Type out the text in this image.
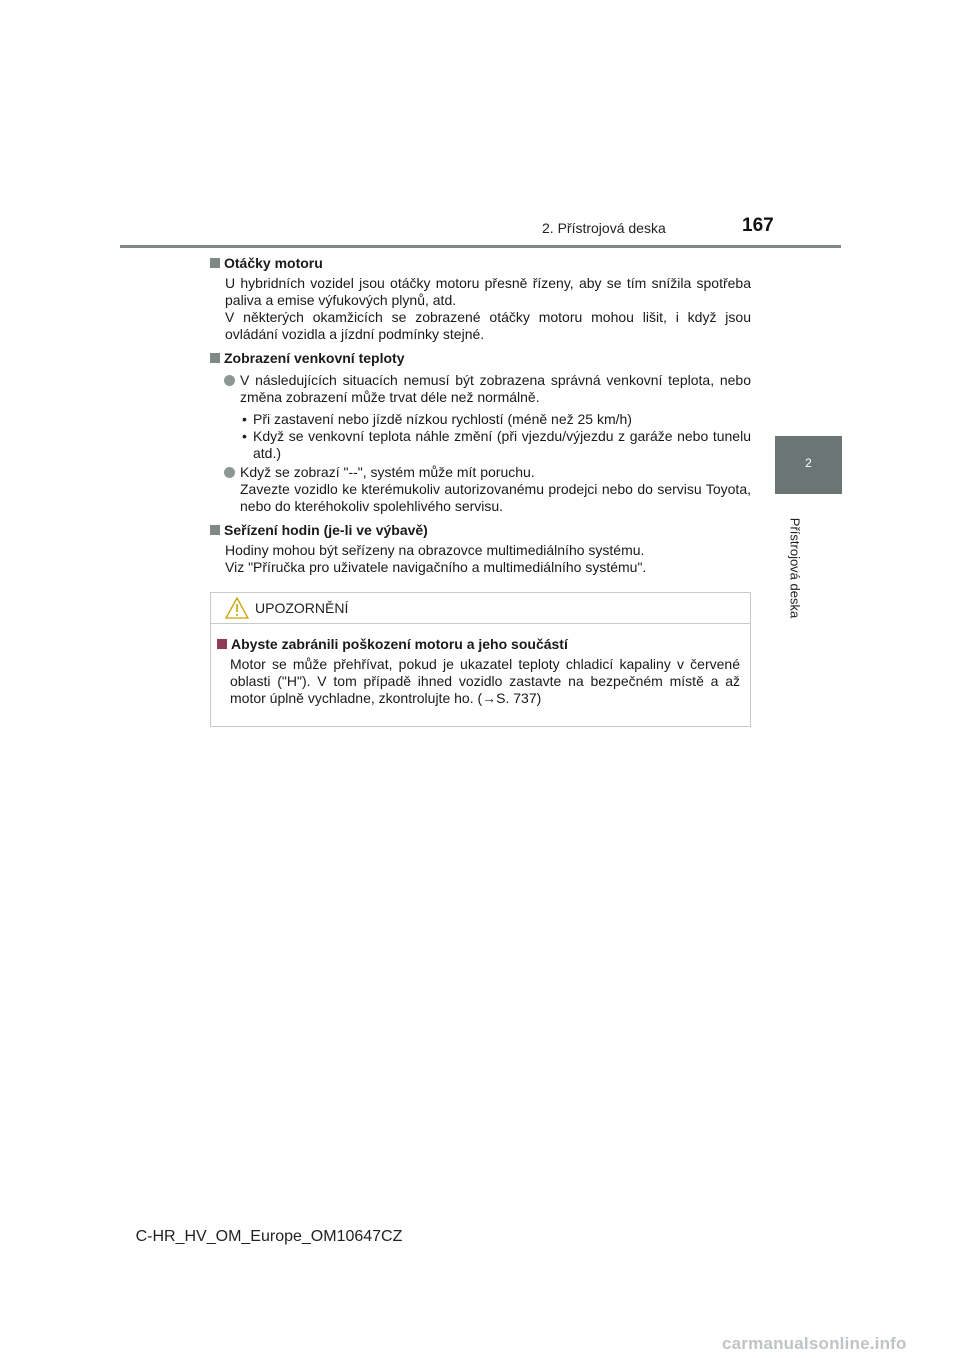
2. Přístrojová deska	167
2
Přístrojová deska
Otáčky motoru
U hybridních vozidel jsou otáčky motoru přesně řízeny, aby se tím snížila spotřeba paliva a emise výfukových plynů, atd.
V některých okamžicích se zobrazené otáčky motoru mohou lišit, i když jsou ovládání vozidla a jízdní podmínky stejné.
Zobrazení venkovní teploty
V následujících situacích nemusí být zobrazena správná venkovní teplota, nebo změna zobrazení může trvat déle než normálně.
• Při zastavení nebo jízdě nízkou rychlostí (méně než 25 km/h)
• Když se venkovní teplota náhle změní (při vjezdu/výjezdu z garáže nebo tunelu atd.)
Když se zobrazí "--", systém může mít poruchu.
Zavezte vozidlo ke kterémukoliv autorizovanému prodejci nebo do servisu Toyota, nebo do kteréhokoliv spolehlivého servisu.
Seřízení hodin (je-li ve výbavě)
Hodiny mohou být seřízeny na obrazovce multimediálního systému.
Viz "Příručka pro uživatele navigačního a multimediálního systému".
UPOZORNĚNÍ
Abyste zabránili poškození motoru a jeho součástí
Motor se může přehřívat, pokud je ukazatel teploty chladicí kapaliny v červené oblasti ("H"). V tom případě ihned vozidlo zastavte na bezpečném místě a až motor úplně vychladne, zkontrolujte ho. (→S. 737)
C-HR_HV_OM_Europe_OM10647CZ
carmanualsonline.info
